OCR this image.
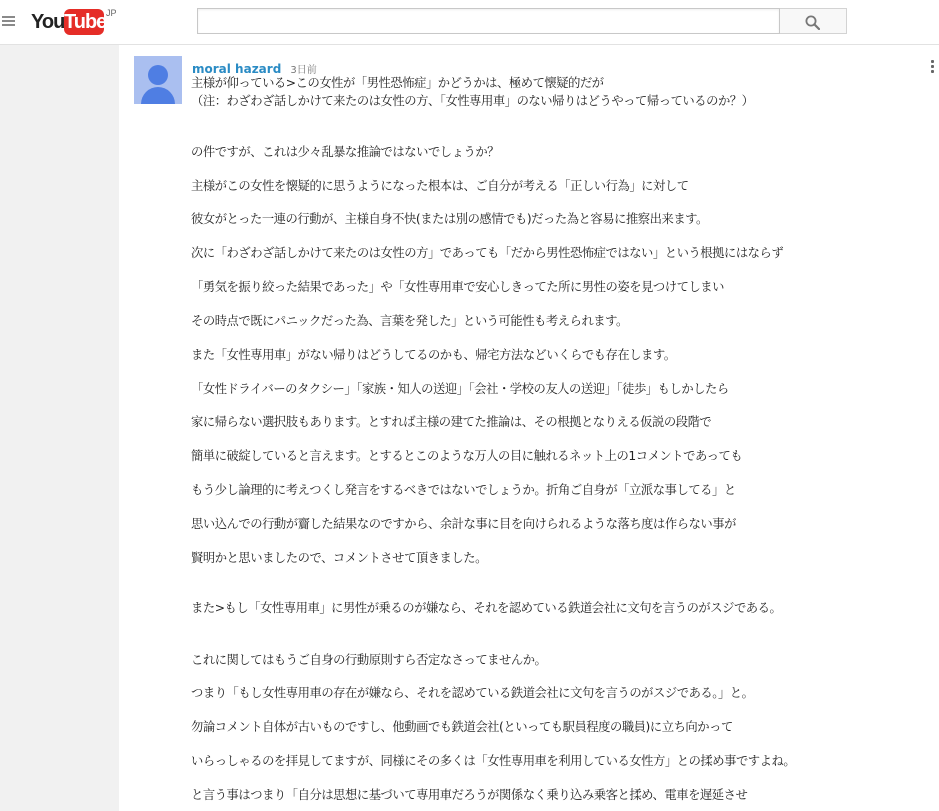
You Tube JP
moral hazard 3日前
主様が仰っている>この女性が「男性恐怖症」かどうかは、極めて懐疑的だが
（注：わざわざ話しかけて来たのは女性の方、「女性専用車」のない帰りはどうやって帰っているのか？）
の件ですが、これは少々乱暴な推論ではないでしょうか？
主様がこの女性を懐疑的に思うようになった根本は、ご自分が考える「正しい行為」に対して
彼女がとった一連の行動が、主様自身不快(または別の感情でも)だった為と容易に推察出来ます。
次に「わざわざ話しかけて来たのは女性の方」であっても「だから男性恐怖症ではない」という根拠にはならず
「勇気を振り絞った結果であった」や「女性専用車で安心しきってた所に男性の姿を見つけてしまい
その時点で既にパニックだった為、言葉を発した」という可能性も考えられます。
また「女性専用車」がない帰りはどうしてるのかも、帰宅方法などいくらでも存在します。
「女性ドライバーのタクシー」「家族・知人の送迎」「会社・学校の友人の送迎」「徒歩」もしかしたら
家に帰らない選択肢もあります。とすれば主様の建てた推論は、その根拠となりえる仮説の段階で
簡単に破綻していると言えます。とするとこのような万人の目に触れるネット上の1コメントであっても
もう少し論理的に考えつくし発言をするべきではないでしょうか。折角ご自身が「立派な事してる」と
思い込んでの行動が齎した結果なのですから、余計な事に目を向けられるような落ち度は作らない事が
賢明かと思いましたので、コメントさせて頂きました。
また>もし「女性専用車」に男性が乗るのが嫌なら、それを認めている鉄道会社に文句を言うのがスジである。
これに関してはもうご自身の行動原則すら否定なさってませんか。
つまり「もし女性専用車の存在が嫌なら、それを認めている鉄道会社に文句を言うのがスジである。」と。
勿論コメント自体が古いものですし、他動画でも鉄道会社(といっても駅員程度の職員)に立ち向かって
いらっしゃるのを拝見してますが、同様にその多くは「女性専用車を利用している女性方」との揉め事ですよね。
と言う事はつまり「自分は思想に基づいて専用車だろうが関係なく乗り込み乗客と揉め、電車を遅延させ
